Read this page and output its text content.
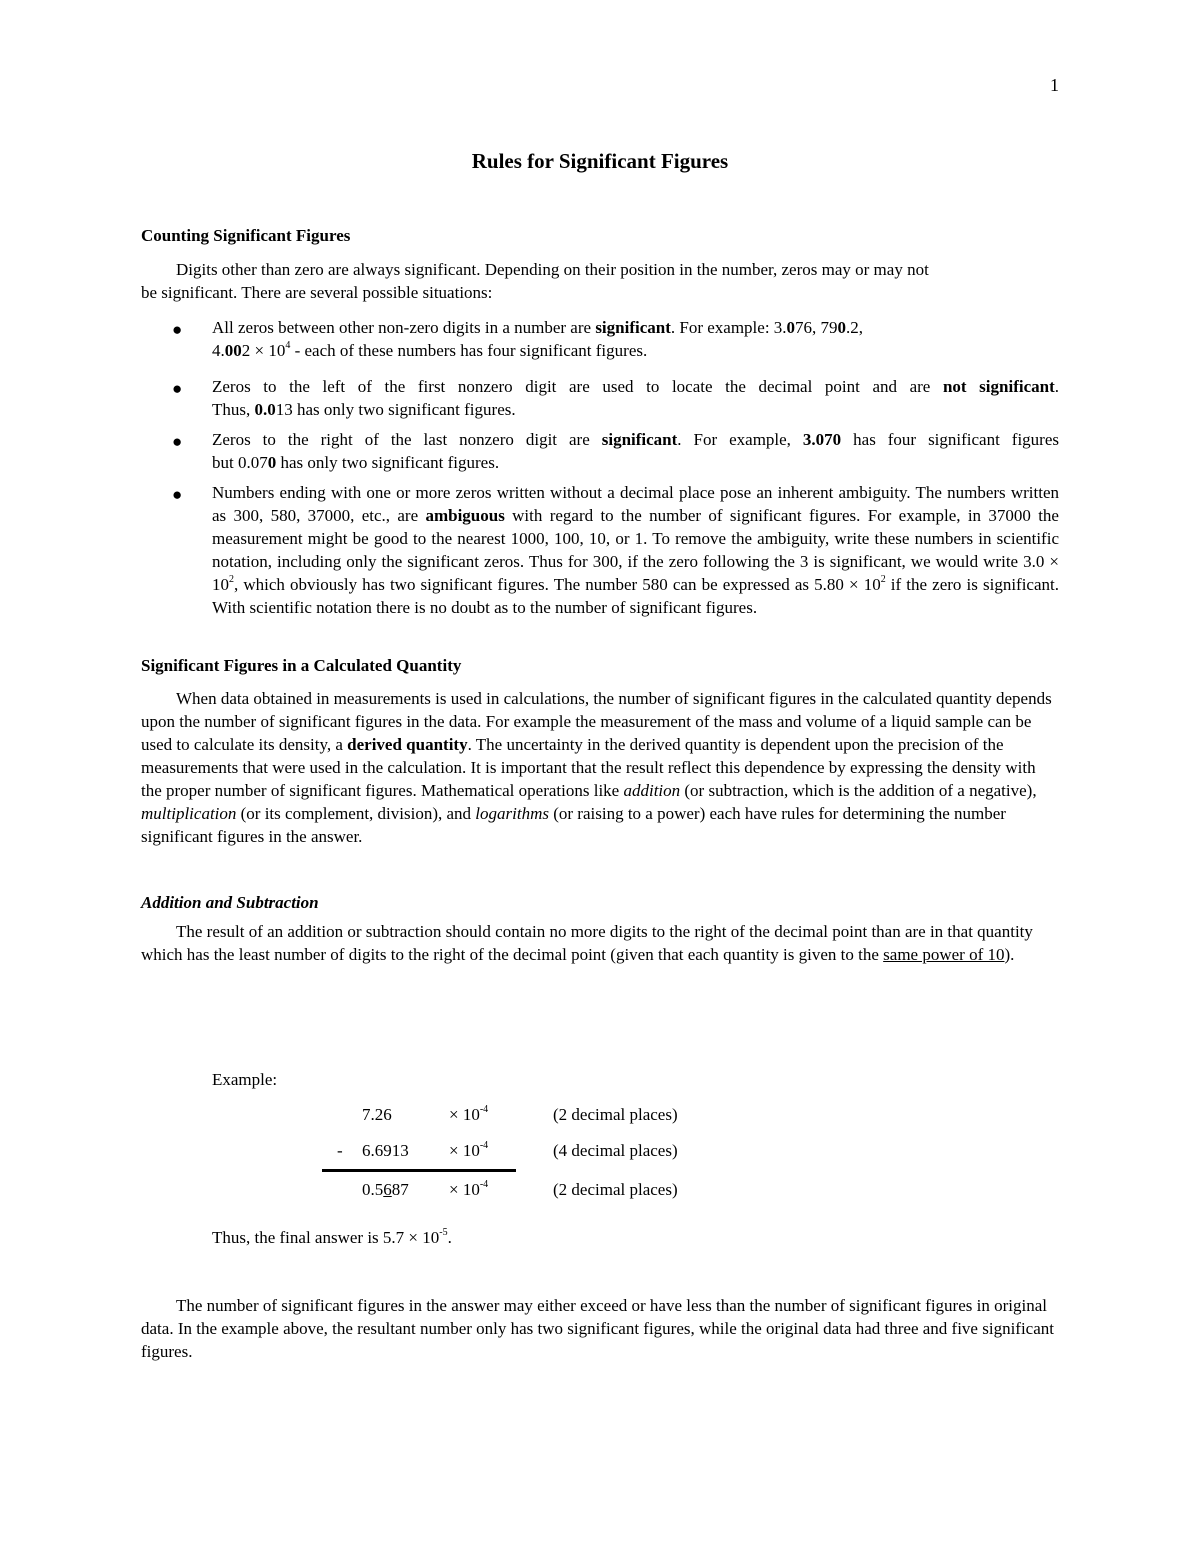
1
Rules for Significant Figures
Counting Significant Figures
Digits other than zero are always significant. Depending on their position in the number, zeros may or may not
be significant. There are several possible situations:
● All zeros between other non-zero digits in a number are significant. For example: 3.076, 790.2,
$4.002 \times 10^4$ - each of these numbers has four significant figures.
● Zeros to the left of the first nonzero digit are used to locate the decimal point and are not significant.
Thus, 0.013 has only two significant figures.
● Zeros to the right of the last nonzero digit are significant. For example, 3.070 has four significant figures
but 0.070 has only two significant figures.
● Numbers ending with one or more zeros written without a decimal place pose an inherent ambiguity. The numbers written as 300, 580, 37000, etc., are ambiguous with regard to the number of significant figures. For example, in 37000 the measurement might be good to the nearest 1000, 100, 10, or 1. To remove the ambiguity, write these numbers in scientific notation, including only the significant zeros. Thus for 300, if the zero following the 3 is significant, we would write $3.0 \times 10^2$, which obviously has two significant figures. The number 580 can be expressed as $5.80 \times 10^2$ if the zero is significant. With scientific notation there is no doubt as to the number of significant figures.
Significant Figures in a Calculated Quantity
When data obtained in measurements is used in calculations, the number of significant figures in the calculated quantity depends upon the number of significant figures in the data. For example the measurement of the mass and volume of a liquid sample can be used to calculate its density, a derived quantity. The uncertainty in the derived quantity is dependent upon the precision of the measurements that were used in the calculation. It is important that the result reflect this dependence by expressing the density with the proper number of significant figures. Mathematical operations like addition (or subtraction, which is the addition of a negative), multiplication (or its complement, division), and logarithms (or raising to a power) each have rules for determining the number significant figures in the answer.
Addition and Subtraction
The result of an addition or subtraction should contain no more digits to the right of the decimal point than are in that quantity which has the least number of digits to the right of the decimal point (given that each quantity is given to the same power of 10).
Example:
7.26	× $10^{-4}$	(2 decimal places)
- $6.6913 \times 10^{-4}$	(4 decimal places)
$0.5687 \times 10^{-4}$	(2 decimal places)
Thus, the final answer is $5.7 \times 10^{-5}$.
The number of significant figures in the answer may either exceed or have less than the number of significant figures in original data. In the example above, the resultant number only has two significant figures, while the original data had three and five significant figures.
